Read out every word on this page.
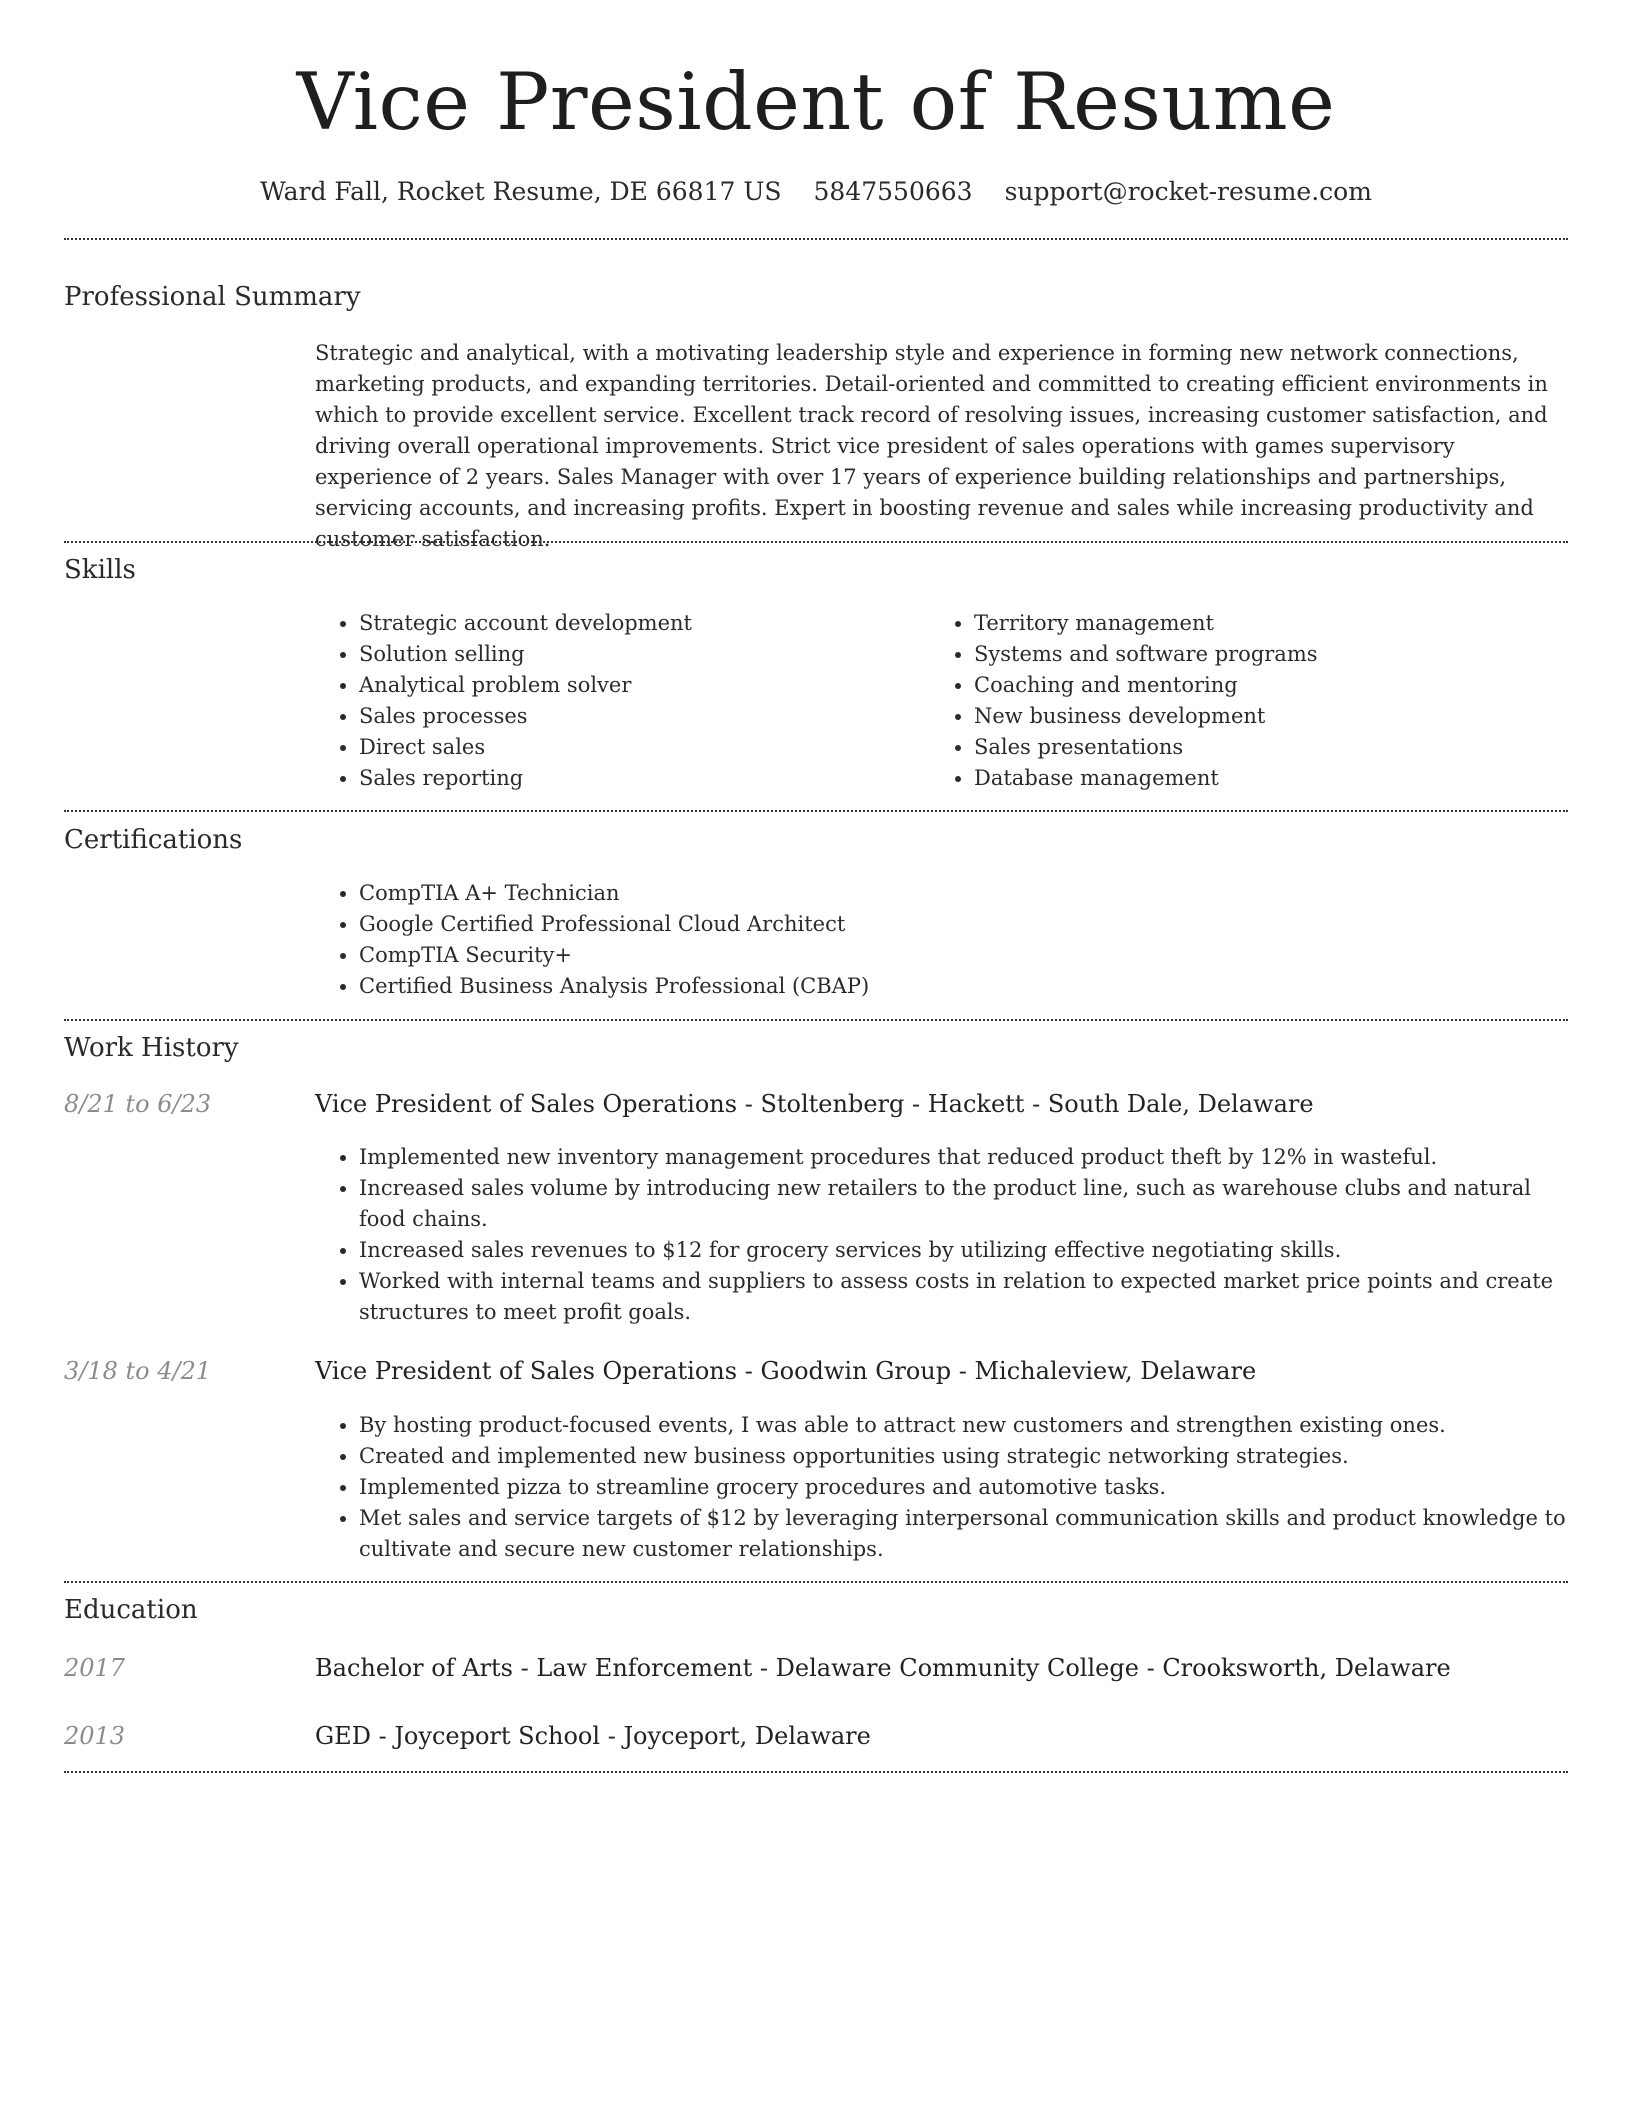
Vice President of Resume
Ward Fall, Rocket Resume, DE 66817 US 5847550663 support@rocket-resume.com
Professional Summary

Strategic and analytical, with a motivating leadership style and experience in forming new network connections, marketing products, and expanding territories. Detail-oriented and committed to creating efficient environments in which to provide excellent service. Excellent track record of resolving issues, increasing customer satisfaction, and driving overall operational improvements. Strict vice president of sales operations with games supervisory experience of 2 years. Sales Manager with over 17 years of experience building relationships and partnerships, servicing accounts, and increasing profits. Expert in boosting revenue and sales while increasing productivity and customer satisfaction.

Skills
• Strategic account development
• Solution selling
• Analytical problem solver
• Sales processes
• Direct sales
• Sales reporting
• Territory management
• Systems and software programs
• Coaching and mentoring
• New business development
• Sales presentations
• Database management
Certifications
• CompTIA A+ Technician
• Google Certified Professional Cloud Architect
• CompTIA Security+
• Certified Business Analysis Professional (CBAP)
Work History
8/21 to 6/23	Vice President of Sales Operations - Stoltenberg - Hackett - South Dale, Delaware
• Implemented new inventory management procedures that reduced product theft by 12% in wasteful.
• Increased sales volume by introducing new retailers to the product line, such as warehouse clubs and natural food chains.
• Increased sales revenues to $12 for grocery services by utilizing effective negotiating skills.
• Worked with internal teams and suppliers to assess costs in relation to expected market price points and create structures to meet profit goals.
3/18 to 4/21	Vice President of Sales Operations - Goodwin Group - Michaleview, Delaware
• By hosting product-focused events, I was able to attract new customers and strengthen existing ones.
• Created and implemented new business opportunities using strategic networking strategies.
• Implemented pizza to streamline grocery procedures and automotive tasks.
• Met sales and service targets of $12 by leveraging interpersonal communication skills and product knowledge to cultivate and secure new customer relationships.
Education
2017	Bachelor of Arts - Law Enforcement - Delaware Community College - Crooksworth, Delaware
2013	GED - Joyceport School - Joyceport, Delaware
